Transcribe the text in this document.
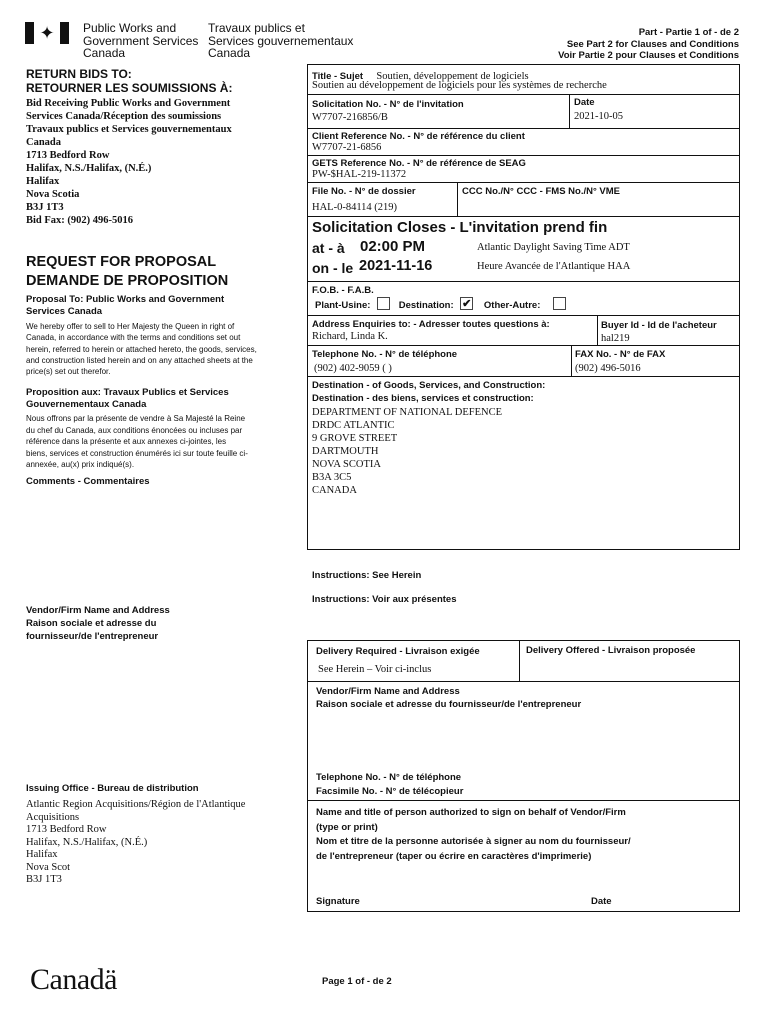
✦ Public Works and
Government Services
Canada
Travaux publics et
Services gouvernementaux
Canada
Part - Partie 1 of - de 2
See Part 2 for Clauses and Conditions
Voir Partie 2 pour Clauses et Conditions
RETURN BIDS TO:
RETOURNER LES SOUMISSIONS À:
Bid Receiving Public Works and Government
Services Canada/Réception des soumissions
Travaux publics et Services gouvernementaux
Canada
1713 Bedford Row
Halifax, N.S./Halifax, (N.É.)
Halifax
Nova Scotia
B3J 1T3
Bid Fax: (902) 496-5016
REQUEST FOR PROPOSAL
DEMANDE DE PROPOSITION
Proposal To: Public Works and Government Services Canada
We hereby offer to sell to Her Majesty the Queen in right of Canada, in accordance with the terms and conditions set out herein, referred to herein or attached hereto, the goods, services, and construction listed herein and on any attached sheets at the price(s) set out therefor.
Proposition aux: Travaux Publics et Services Gouvernementaux Canada
Nous offrons par la présente de vendre à Sa Majesté la Reine du chef du Canada, aux conditions énoncées ou incluses par référence dans la présente et aux annexes ci-jointes, les biens, services et construction énumérés ici sur toute feuille ci-annexée, au(x) prix indiqué(s).
Comments - Commentaires
Vendor/Firm Name and Address
Raison sociale et adresse du
fournisseur/de l'entrepreneur
Issuing Office - Bureau de distribution
Atlantic Region Acquisitions/Région de l'Atlantique
Acquisitions
1713 Bedford Row
Halifax, N.S./Halifax, (N.É.)
Halifax
Nova Scot
B3J 1T3
Title - Sujet Soutien, développement de logiciels
Soutien au développement de logiciels pour les systèmes de recherche
Solicitation No. - N° de l'invitation
W7707-216856/B
Date
2021-10-05
Client Reference No. - N° de référence du client
W7707-21-6856
GETS Reference No. - N° de référence de SEAG
PW-$HAL-219-11372
File No. - N° de dossier
HAL-0-84114 (219)
CCC No./N° CCC - FMS No./N° VME
Solicitation Closes - L'invitation prend fin
at - à 02:00 PM
on - le 2021-11-16
Atlantic Daylight Saving Time ADT
Heure Avancée de l'Atlantique HAA
F.O.B. - F.A.B.
Plant-Usine:	Destination: ✔ Other-Autre:
Address Enquiries to: - Adresser toutes questions à:
Richard, Linda K.
Buyer Id - Id de l'acheteur
hal219
Telephone No. - N° de téléphone
(902) 402-9059 ( )
FAX No. - N° de FAX
(902) 496-5016
Destination - of Goods, Services, and Construction:
Destination - des biens, services et construction:
DEPARTMENT OF NATIONAL DEFENCE
DRDC ATLANTIC
9 GROVE STREET
DARTMOUTH
NOVA SCOTIA
B3A 3C5
CANADA
Instructions: See Herein
Instructions: Voir aux présentes
Delivery Required - Livraison exigée
See Herein – Voir ci-inclus
Delivery Offered - Livraison proposée
Vendor/Firm Name and Address
Raison sociale et adresse du fournisseur/de l'entrepreneur
Telephone No. - N° de téléphone
Facsimile No. - N° de télécopieur
Name and title of person authorized to sign on behalf of Vendor/Firm
(type or print)
Nom et titre de la personne autorisée à signer au nom du fournisseur/
de l'entrepreneur (taper ou écrire en caractères d'imprimerie)
Signature	Date
Canadä	Page 1 of - de 2
